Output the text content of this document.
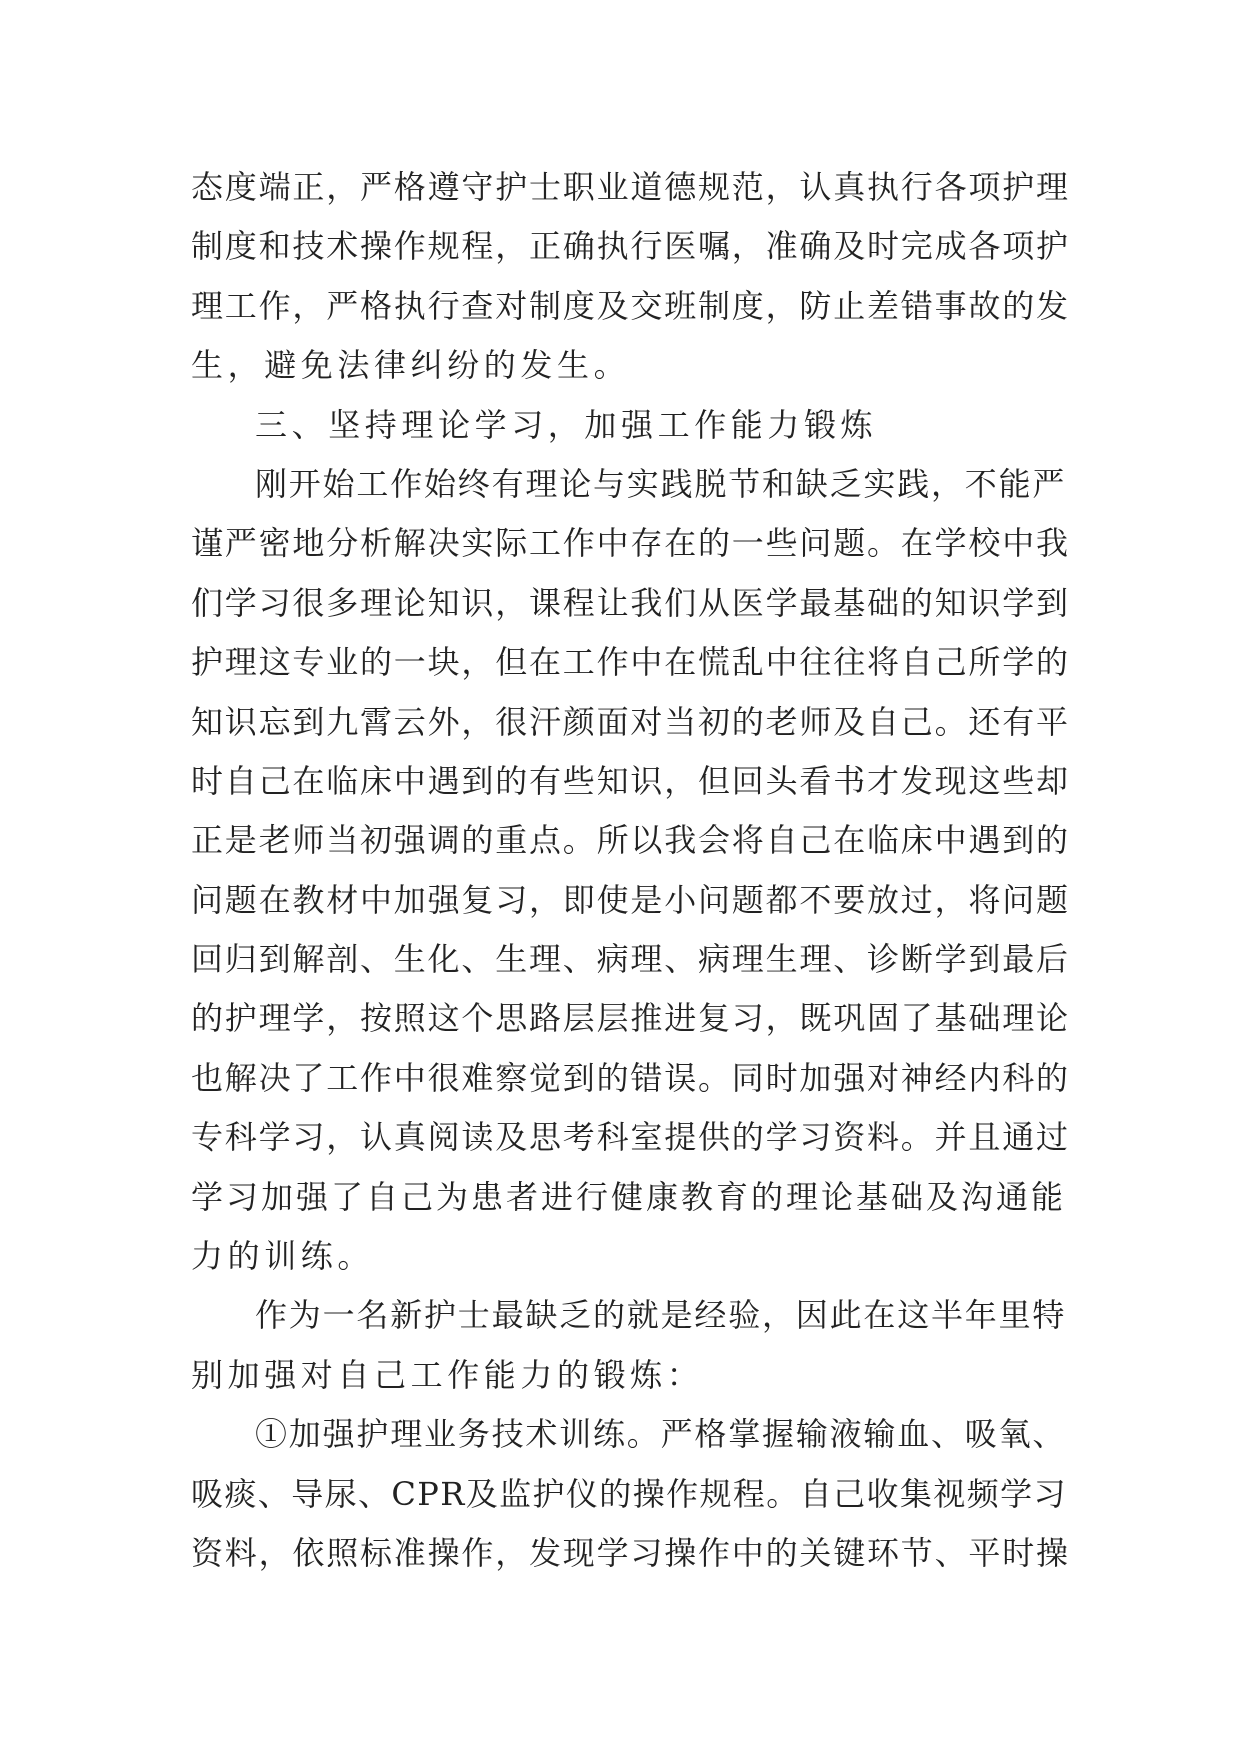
态度端正，严格遵守护士职业道德规范，认真执行各项护理
制度和技术操作规程，正确执行医嘱，准确及时完成各项护
理工作，严格执行查对制度及交班制度，防止差错事故的发
生，避免法律纠纷的发生。
三、坚持理论学习，加强工作能力锻炼
刚开始工作始终有理论与实践脱节和缺乏实践，不能严
谨严密地分析解决实际工作中存在的一些问题。在学校中我
们学习很多理论知识，课程让我们从医学最基础的知识学到
护理这专业的一块，但在工作中在慌乱中往往将自己所学的
知识忘到九霄云外，很汗颜面对当初的老师及自己。还有平
时自己在临床中遇到的有些知识，但回头看书才发现这些却
正是老师当初强调的重点。所以我会将自己在临床中遇到的
问题在教材中加强复习，即使是小问题都不要放过，将问题
回归到解剖、生化、生理、病理、病理生理、诊断学到最后
的护理学，按照这个思路层层推进复习，既巩固了基础理论
也解决了工作中很难察觉到的错误。同时加强对神经内科的
专科学习，认真阅读及思考科室提供的学习资料。并且通过
学习加强了自己为患者进行健康教育的理论基础及沟通能
力的训练。
作为一名新护士最缺乏的就是经验，因此在这半年里特
别加强对自己工作能力的锻炼：
①加强护理业务技术训练。严格掌握输液输血、吸氧、
吸痰、导尿、CPR及监护仪的操作规程。自己收集视频学习
资料，依照标准操作，发现学习操作中的关键环节、平时操
